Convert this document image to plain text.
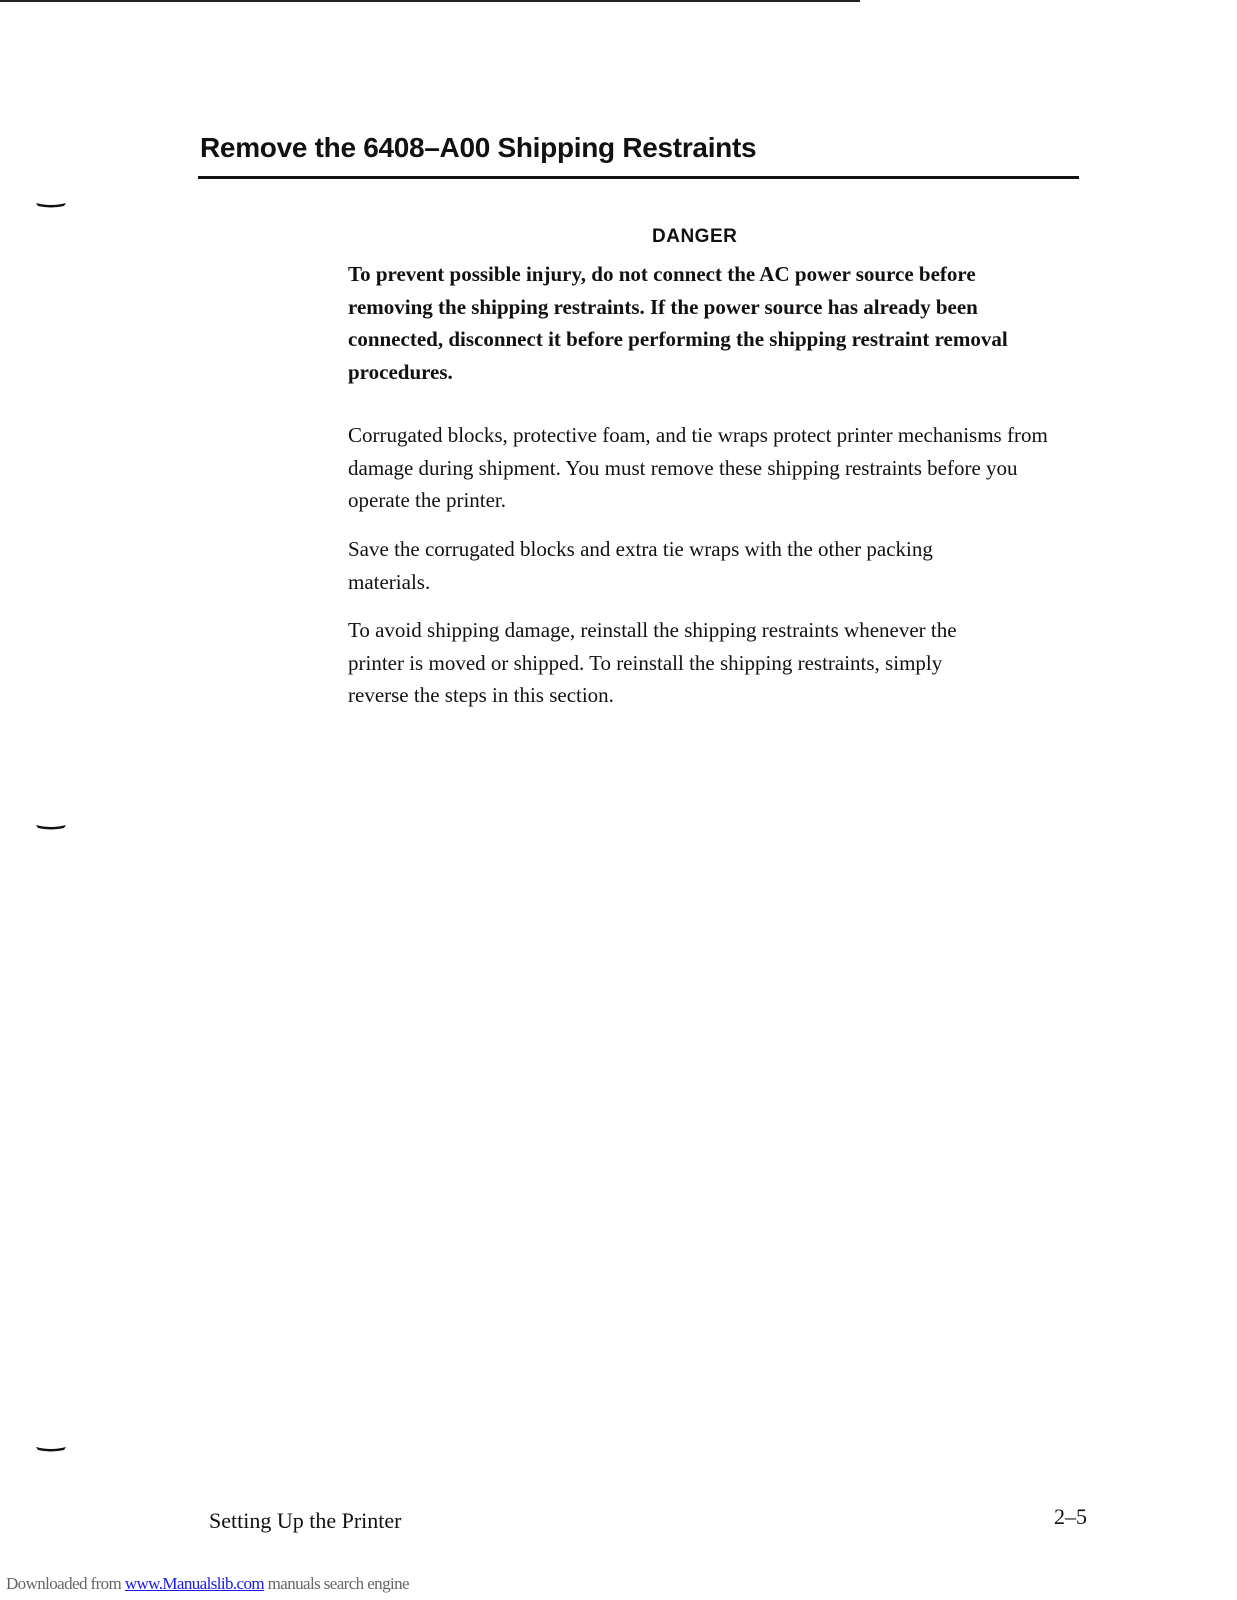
Remove the 6408–A00 Shipping Restraints
DANGER

To prevent possible injury, do not connect the AC power source before removing the shipping restraints. If the power source has already been connected, disconnect it before performing the shipping restraint removal procedures.

Corrugated blocks, protective foam, and tie wraps protect printer mechanisms from damage during shipment. You must remove these shipping restraints before you operate the printer.

Save the corrugated blocks and extra tie wraps with the other packing materials.

To avoid shipping damage, reinstall the shipping restraints whenever the printer is moved or shipped. To reinstall the shipping restraints, simply reverse the steps in this section.

Setting Up the Printer	2–5
Downloaded from www.Manualslib.com manuals search engine
